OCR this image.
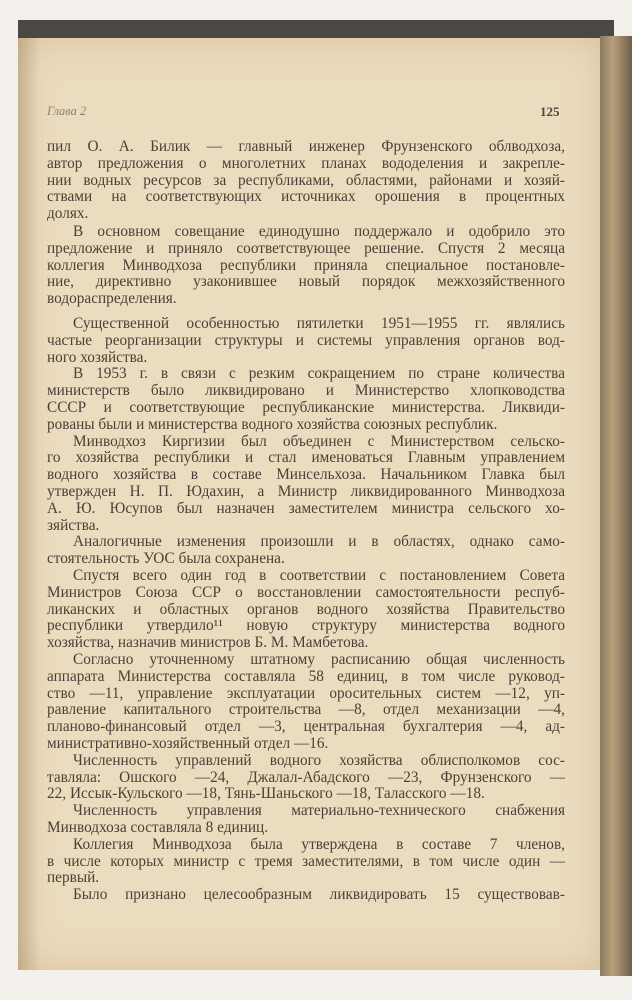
Глава 2	125
пил О. А. Билик — главный инженер Фрунзенского облводхоза,
автор предложения о многолетних планах вододеления и закрепле-
нии водных ресурсов за республиками, областями, районами и хозяй-
ствами на соответствующих источниках орошения в процентных
долях.
В основном совещание единодушно поддержало и одобрило это
предложение и приняло соответствующее решение. Спустя 2 месяца
коллегия Минводхоза республики приняла специальное постановле-
ние, директивно узаконившее новый порядок межхозяйственного
водораспределения.
Существенной особенностью пятилетки 1951—1955 гг. являлись
частые реорганизации структуры и системы управления органов вод-
ного хозяйства.
В 1953 г. в связи с резким сокращением по стране количества
министерств было ликвидировано и Министерство хлопководства
СССР и соответствующие республиканские министерства. Ликвиди-
рованы были и министерства водного хозяйства союзных республик.
Минводхоз Киргизии был объединен с Министерством сельско-
го хозяйства республики и стал именоваться Главным управлением
водного хозяйства в составе Минсельхоза. Начальником Главка был
утвержден Н. П. Юдахин, а Министр ликвидированного Минводхоза
А. Ю. Юсупов был назначен заместителем министра сельского хо-
зяйства.
Аналогичные изменения произошли и в областях, однако само-
стоятельность УОС была сохранена.
Спустя всего один год в соответствии с постановлением Совета
Министров Союза ССР о восстановлении самостоятельности респуб-
ликанских и областных органов водного хозяйства Правительство
республики утвердило¹¹ новую структуру министерства водного
хозяйства, назначив министров Б. М. Мамбетова.
Согласно уточненному штатному расписанию общая численность
аппарата Министерства составляла 58 единиц, в том числе руковод-
ство —11, управление эксплуатации оросительных систем —12, уп-
равление капитального строительства —8, отдел механизации —4,
планово-финансовый отдел —3, центральная бухгалтерия —4, ад-
министративно-хозяйственный отдел —16.
Численность управлений водного хозяйства облисполкомов сос-
тавляла: Ошского —24, Джалал-Абадского —23, Фрунзенского —
22, Иссык-Кульского —18, Тянь-Шаньского —18, Таласского —18.
Численность управления материально-технического снабжения
Минводхоза составляла 8 единиц.
Коллегия Минводхоза была утверждена в составе 7 членов,
в числе которых министр с тремя заместителями, в том числе один —
первый.
Было признано целесообразным ликвидировать 15 существовав-
